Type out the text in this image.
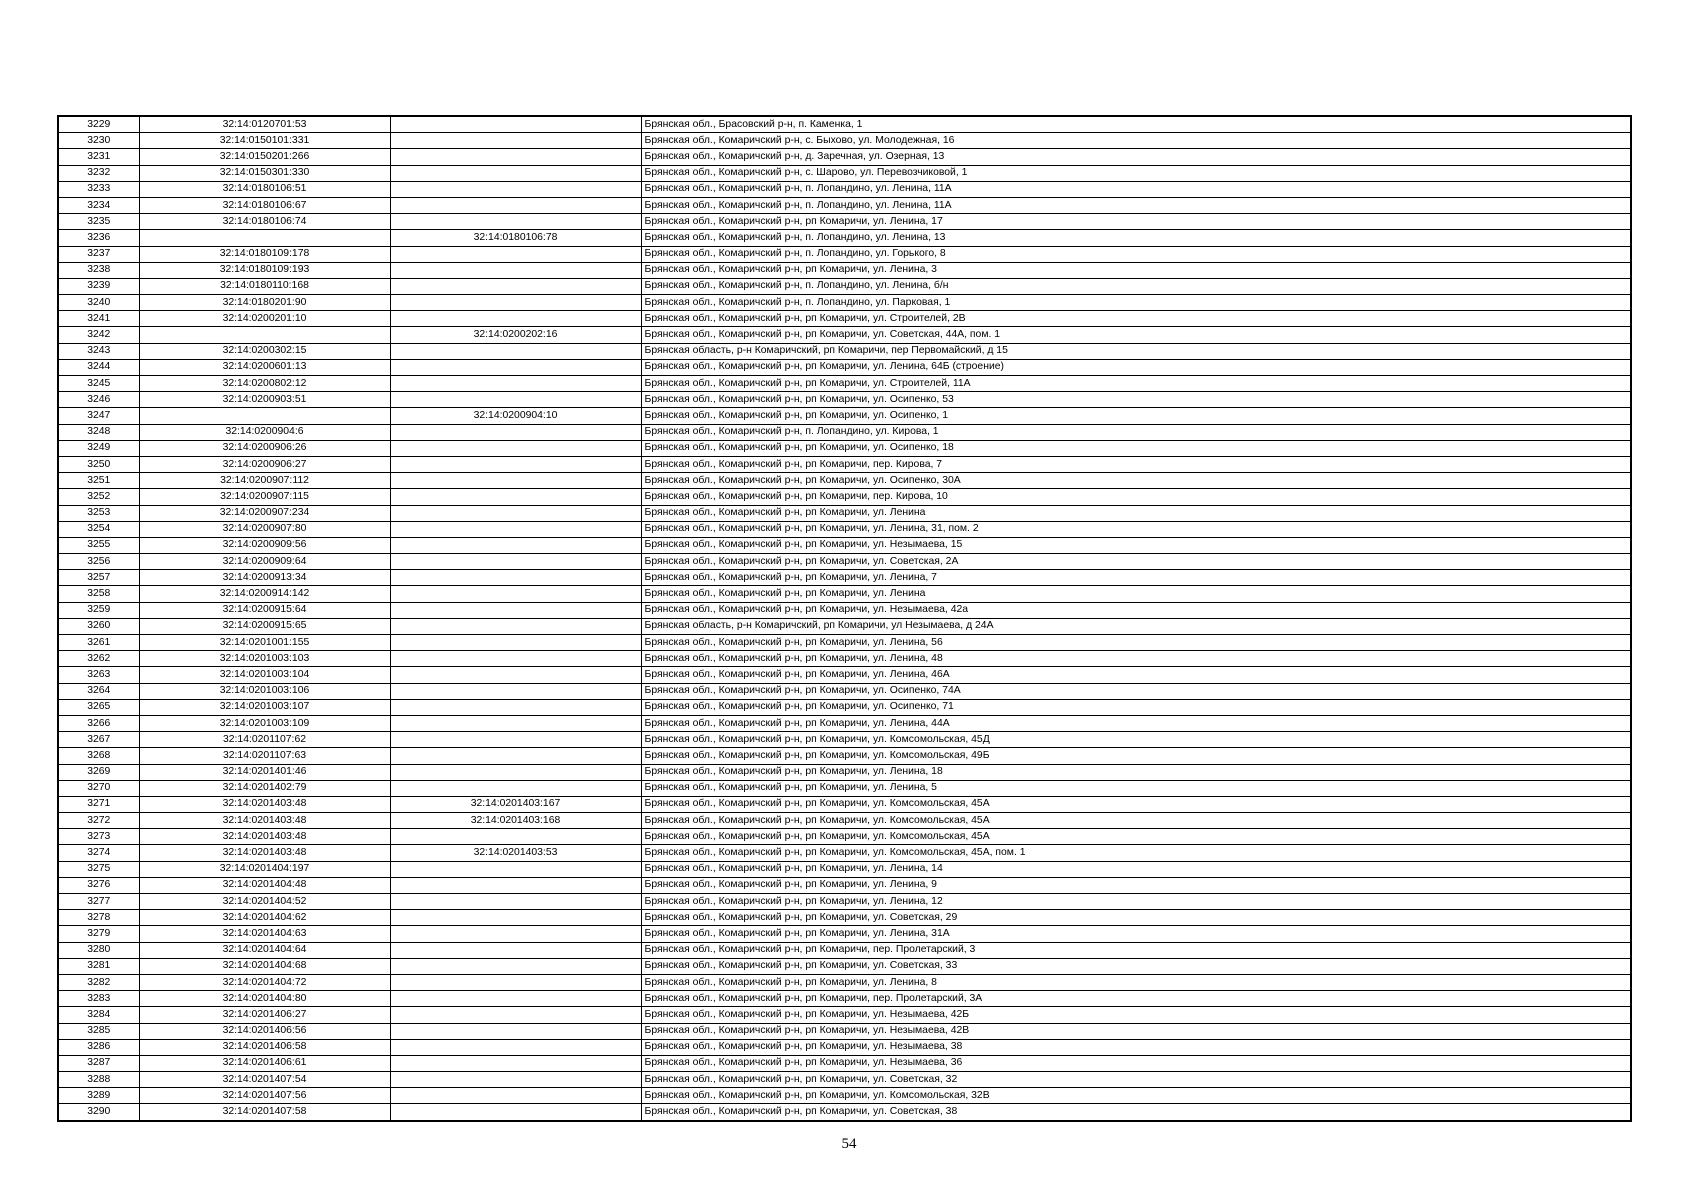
3229	32:14:0120701:53		Брянская обл., Брасовский р-н, п. Каменка, 1
3230	32:14:0150101:331		Брянская обл., Комаричский р-н, с. Быхово, ул. Молодежная, 16
3231	32:14:0150201:266		Брянская обл., Комаричский р-н, д. Заречная, ул. Озерная, 13
3232	32:14:0150301:330		Брянская обл., Комаричский р-н, с. Шарово, ул. Перевозчиковой, 1
3233	32:14:0180106:51		Брянская обл., Комаричский р-н, п. Лопандино, ул. Ленина, 11А
3234	32:14:0180106:67		Брянская обл., Комаричский р-н, п. Лопандино, ул. Ленина, 11А
3235	32:14:0180106:74		Брянская обл., Комаричский р-н, рп Комаричи, ул. Ленина, 17
3236		32:14:0180106:78	Брянская обл., Комаричский р-н, п. Лопандино, ул. Ленина, 13
3237	32:14:0180109:178		Брянская обл., Комаричский р-н, п. Лопандино, ул. Горького, 8
3238	32:14:0180109:193		Брянская обл., Комаричский р-н, рп Комаричи, ул. Ленина, 3
3239	32:14:0180110:168		Брянская обл., Комаричский р-н, п. Лопандино, ул. Ленина, б/н
3240	32:14:0180201:90		Брянская обл., Комаричский р-н, п. Лопандино, ул. Парковая, 1
3241	32:14:0200201:10		Брянская обл., Комаричский р-н, рп Комаричи, ул. Строителей, 2В
3242		32:14:0200202:16	Брянская обл., Комаричский р-н, рп Комаричи, ул. Советская, 44А, пом. 1
3243	32:14:0200302:15		Брянская область, р-н Комаричский, рп Комаричи, пер Первомайский, д 15
3244	32:14:0200601:13		Брянская обл., Комаричский р-н, рп Комаричи, ул. Ленина, 64Б (строение)
3245	32:14:0200802:12		Брянская обл., Комаричский р-н, рп Комаричи, ул. Строителей, 11А
3246	32:14:0200903:51		Брянская обл., Комаричский р-н, рп Комаричи, ул. Осипенко, 53
3247		32:14:0200904:10	Брянская обл., Комаричский р-н, рп Комаричи, ул. Осипенко, 1
3248	32:14:0200904:6		Брянская обл., Комаричский р-н, п. Лопандино, ул. Кирова, 1
3249	32:14:0200906:26		Брянская обл., Комаричский р-н, рп Комаричи, ул. Осипенко, 18
3250	32:14:0200906:27		Брянская обл., Комаричский р-н, рп Комаричи, пер. Кирова, 7
3251	32:14:0200907:112		Брянская обл., Комаричский р-н, рп Комаричи, ул. Осипенко, 30А
3252	32:14:0200907:115		Брянская обл., Комаричский р-н, рп Комаричи, пер. Кирова, 10
3253	32:14:0200907:234		Брянская обл., Комаричский р-н, рп Комаричи, ул. Ленина
3254	32:14:0200907:80		Брянская обл., Комаричский р-н, рп Комаричи, ул. Ленина, 31, пом. 2
3255	32:14:0200909:56		Брянская обл., Комаричский р-н, рп Комаричи, ул. Незымаева, 15
3256	32:14:0200909:64		Брянская обл., Комаричский р-н, рп Комаричи, ул. Советская, 2А
3257	32:14:0200913:34		Брянская обл., Комаричский р-н, рп Комаричи, ул. Ленина, 7
3258	32:14:0200914:142		Брянская обл., Комаричский р-н, рп Комаричи, ул. Ленина
3259	32:14:0200915:64		Брянская обл., Комаричский р-н, рп Комаричи, ул. Незымаева, 42а
3260	32:14:0200915:65		Брянская область, р-н Комаричский, рп Комаричи, ул Незымаева, д 24А
3261	32:14:0201001:155		Брянская обл., Комаричский р-н, рп Комаричи, ул. Ленина, 56
3262	32:14:0201003:103		Брянская обл., Комаричский р-н, рп Комаричи, ул. Ленина, 48
3263	32:14:0201003:104		Брянская обл., Комаричский р-н, рп Комаричи, ул. Ленина, 46А
3264	32:14:0201003:106		Брянская обл., Комаричский р-н, рп Комаричи, ул. Осипенко, 74А
3265	32:14:0201003:107		Брянская обл., Комаричский р-н, рп Комаричи, ул. Осипенко, 71
3266	32:14:0201003:109		Брянская обл., Комаричский р-н, рп Комаричи, ул. Ленина, 44А
3267	32:14:0201107:62		Брянская обл., Комаричский р-н, рп Комаричи, ул. Комсомольская, 45Д
3268	32:14:0201107:63		Брянская обл., Комаричский р-н, рп Комаричи, ул. Комсомольская, 49Б
3269	32:14:0201401:46		Брянская обл., Комаричский р-н, рп Комаричи, ул. Ленина, 18
3270	32:14:0201402:79		Брянская обл., Комаричский р-н, рп Комаричи, ул. Ленина, 5
3271	32:14:0201403:48	32:14:0201403:167	Брянская обл., Комаричский р-н, рп Комаричи, ул. Комсомольская, 45А
3272	32:14:0201403:48	32:14:0201403:168	Брянская обл., Комаричский р-н, рп Комаричи, ул. Комсомольская, 45А
3273	32:14:0201403:48		Брянская обл., Комаричский р-н, рп Комаричи, ул. Комсомольская, 45А
3274	32:14:0201403:48	32:14:0201403:53	Брянская обл., Комаричский р-н, рп Комаричи, ул. Комсомольская, 45А, пом. 1
3275	32:14:0201404:197		Брянская обл., Комаричский р-н, рп Комаричи, ул. Ленина, 14
3276	32:14:0201404:48		Брянская обл., Комаричский р-н, рп Комаричи, ул. Ленина, 9
3277	32:14:0201404:52		Брянская обл., Комаричский р-н, рп Комаричи, ул. Ленина, 12
3278	32:14:0201404:62		Брянская обл., Комаричский р-н, рп Комаричи, ул. Советская, 29
3279	32:14:0201404:63		Брянская обл., Комаричский р-н, рп Комаричи, ул. Ленина, 31А
3280	32:14:0201404:64		Брянская обл., Комаричский р-н, рп Комаричи, пер. Пролетарский, 3
3281	32:14:0201404:68		Брянская обл., Комаричский р-н, рп Комаричи, ул. Советская, 33
3282	32:14:0201404:72		Брянская обл., Комаричский р-н, рп Комаричи, ул. Ленина, 8
3283	32:14:0201404:80		Брянская обл., Комаричский р-н, рп Комаричи, пер. Пролетарский, 3А
3284	32:14:0201406:27		Брянская обл., Комаричский р-н, рп Комаричи, ул. Незымаева, 42Б
3285	32:14:0201406:56		Брянская обл., Комаричский р-н, рп Комаричи, ул. Незымаева, 42В
3286	32:14:0201406:58		Брянская обл., Комаричский р-н, рп Комаричи, ул. Незымаева, 38
3287	32:14:0201406:61		Брянская обл., Комаричский р-н, рп Комаричи, ул. Незымаева, 36
3288	32:14:0201407:54		Брянская обл., Комаричский р-н, рп Комаричи, ул. Советская, 32
3289	32:14:0201407:56		Брянская обл., Комаричский р-н, рп Комаричи, ул. Комсомольская, 32В
3290	32:14:0201407:58		Брянская обл., Комаричский р-н, рп Комаричи, ул. Советская, 38
54
